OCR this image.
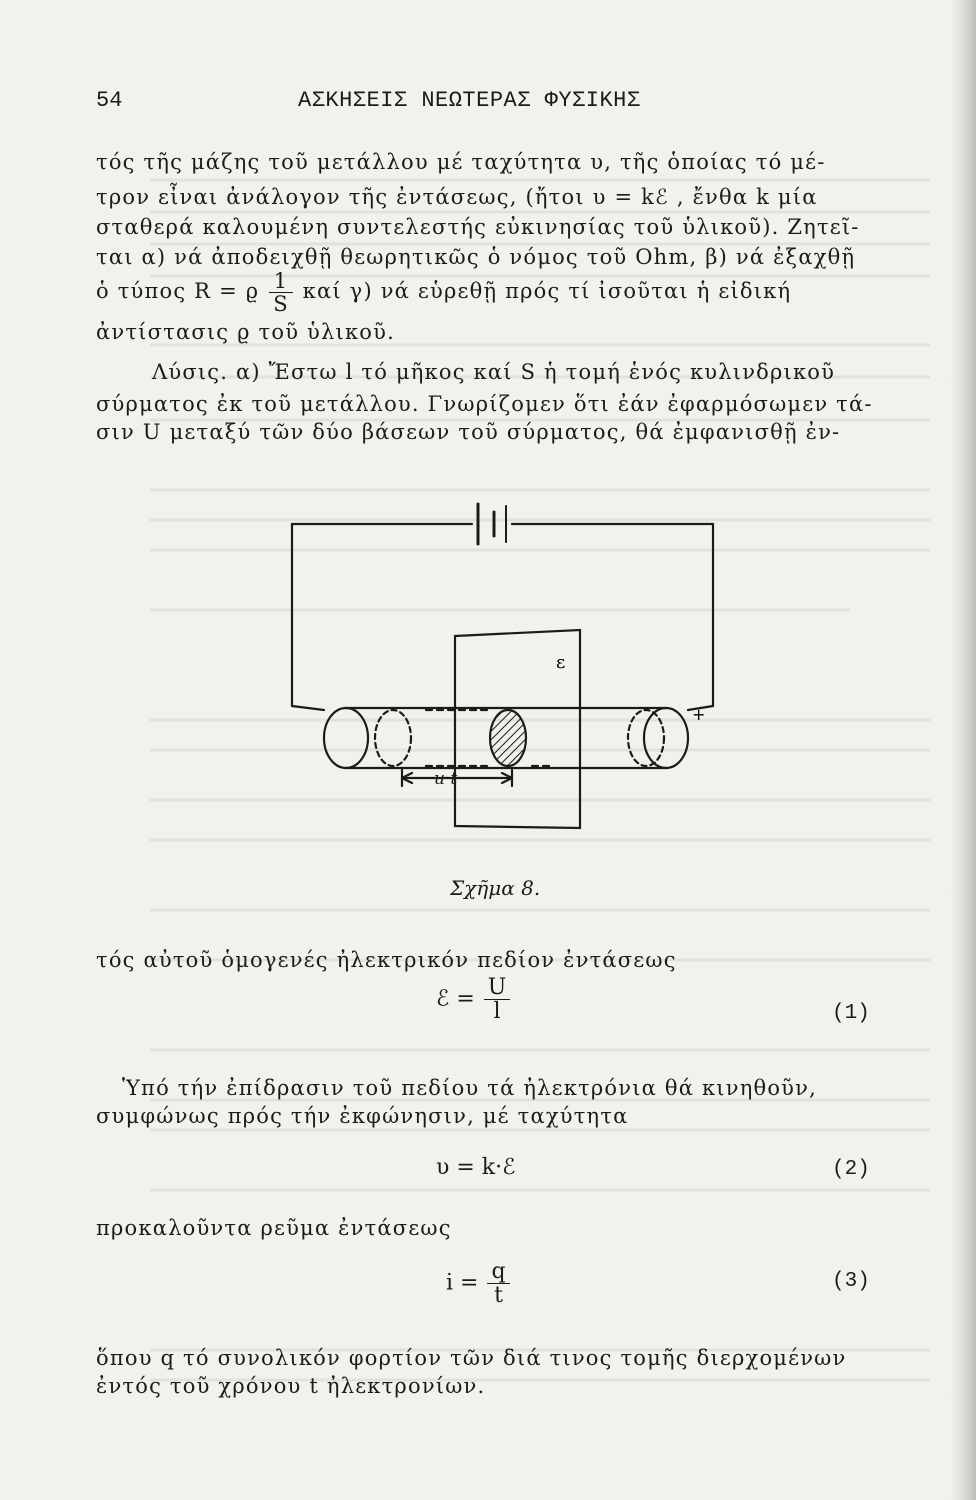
54	ΑΣΚΗΣΕΙΣ ΝΕΩΤΕΡΑΣ ΦΥΣΙΚΗΣ
τός τῆς μάζης τοῦ μετάλλου μέ ταχύτητα υ, τῆς ὁποίας τό μέ-
τρον εἶναι ἀνάλογον τῆς ἐντάσεως, (ἤτοι υ = kℰ , ἔνθα k μία
σταθερά καλουμένη συντελεστής εὐκινησίας τοῦ ὑλικοῦ). Ζητεῖ-
ται α) νά ἀποδειχθῇ θεωρητικῶς ὁ νόμος τοῦ Ohm, β) νά ἐξαχθῇ
ὁ τύπος R = ϱ $\frac{1}{S}$ καί γ) νά εὑρεθῇ πρός τί ἰσοῦται ἡ εἰδική
ἀντίστασις ϱ τοῦ ὑλικοῦ.
Λύσις. α) Ἔστω l τό μῆκος καί S ἡ τομή ἑνός κυλινδρικοῦ
σύρματος ἐκ τοῦ μετάλλου. Γνωρίζομεν ὅτι ἐάν ἐφαρμόσωμεν τά-
σιν U μεταξύ τῶν δύο βάσεων τοῦ σύρματος, θά ἐμφανισθῇ ἐν-
ε
u·t
+
Σχῆμα 8.
τός αὐτοῦ ὁμογενές ἠλεκτρικόν πεδίον ἐντάσεως
ℰ = $\frac{U}{l}$	(1)
Ὑπό τήν ἐπίδρασιν τοῦ πεδίου τά ἠλεκτρόνια θά κινηθοῦν,
συμφώνως πρός τήν ἐκφώνησιν, μέ ταχύτητα
υ = k·ℰ	(2)
προκαλοῦντα ρεῦμα ἐντάσεως
$i = \frac{q}{t}$	(3)
ὅπου q τό συνολικόν φορτίον τῶν διά τινος τομῆς διερχομένων
ἐντός τοῦ χρόνου t ἠλεκτρονίων.
